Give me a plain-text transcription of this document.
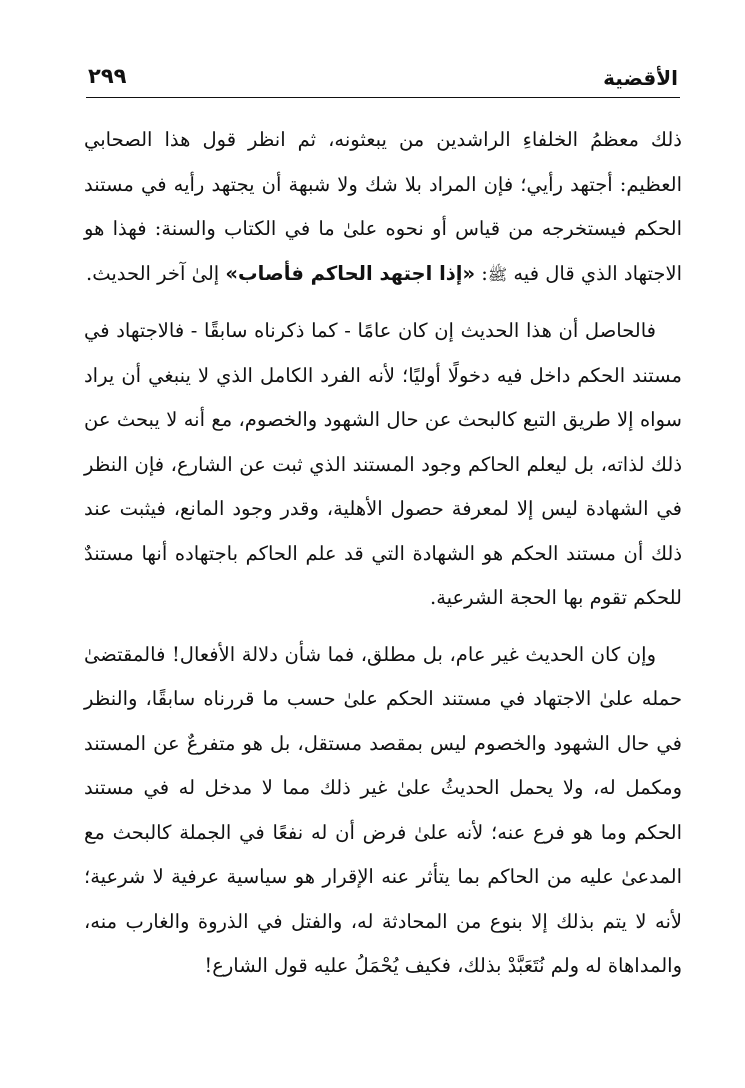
الأقضية
٢٩٩

ذلك معظمُ الخلفاءِ الراشدين من يبعثونه، ثم انظر قول هذا الصحابي العظيم: أجتهد رأيي؛ فإن المراد بلا شك ولا شبهة أن يجتهد رأيه في مستند الحكم فيستخرجه من قياس أو نحوه علىٰ ما في الكتاب والسنة: فهذا هو الاجتهاد الذي قال فيه ﷺ: «إذا اجتهد الحاكم فأصاب» إلىٰ آخر الحديث.

فالحاصل أن هذا الحديث إن كان عامًا - كما ذكرناه سابقًا - فالاجتهاد في مستند الحكم داخل فيه دخولًا أوليًا؛ لأنه الفرد الكامل الذي لا ينبغي أن يراد سواه إلا طريق التبع كالبحث عن حال الشهود والخصوم، مع أنه لا يبحث عن ذلك لذاته، بل ليعلم الحاكم وجود المستند الذي ثبت عن الشارع، فإن النظر في الشهادة ليس إلا لمعرفة حصول الأهلية، وقدر وجود المانع، فيثبت عند ذلك أن مستند الحكم هو الشهادة التي قد علم الحاكم باجتهاده أنها مستندٌ للحكم تقوم بها الحجة الشرعية.

وإن كان الحديث غير عام، بل مطلق، فما شأن دلالة الأفعال! فالمقتضىٰ حمله علىٰ الاجتهاد في مستند الحكم علىٰ حسب ما قررناه سابقًا، والنظر في حال الشهود والخصوم ليس بمقصد مستقل، بل هو متفرعٌ عن المستند ومكمل له، ولا يحمل الحديثُ علىٰ غير ذلك مما لا مدخل له في مستند الحكم وما هو فرع عنه؛ لأنه علىٰ فرض أن له نفعًا في الجملة كالبحث مع المدعىٰ عليه من الحاكم بما يتأثر عنه الإقرار هو سياسية عرفية لا شرعية؛ لأنه لا يتم بذلك إلا بنوع من المحادثة له، والفتل في الذروة والغارب منه، والمداهاة له ولم نُتَعَبَّدْ بذلك، فكيف يُحْمَلُ عليه قول الشارع!
